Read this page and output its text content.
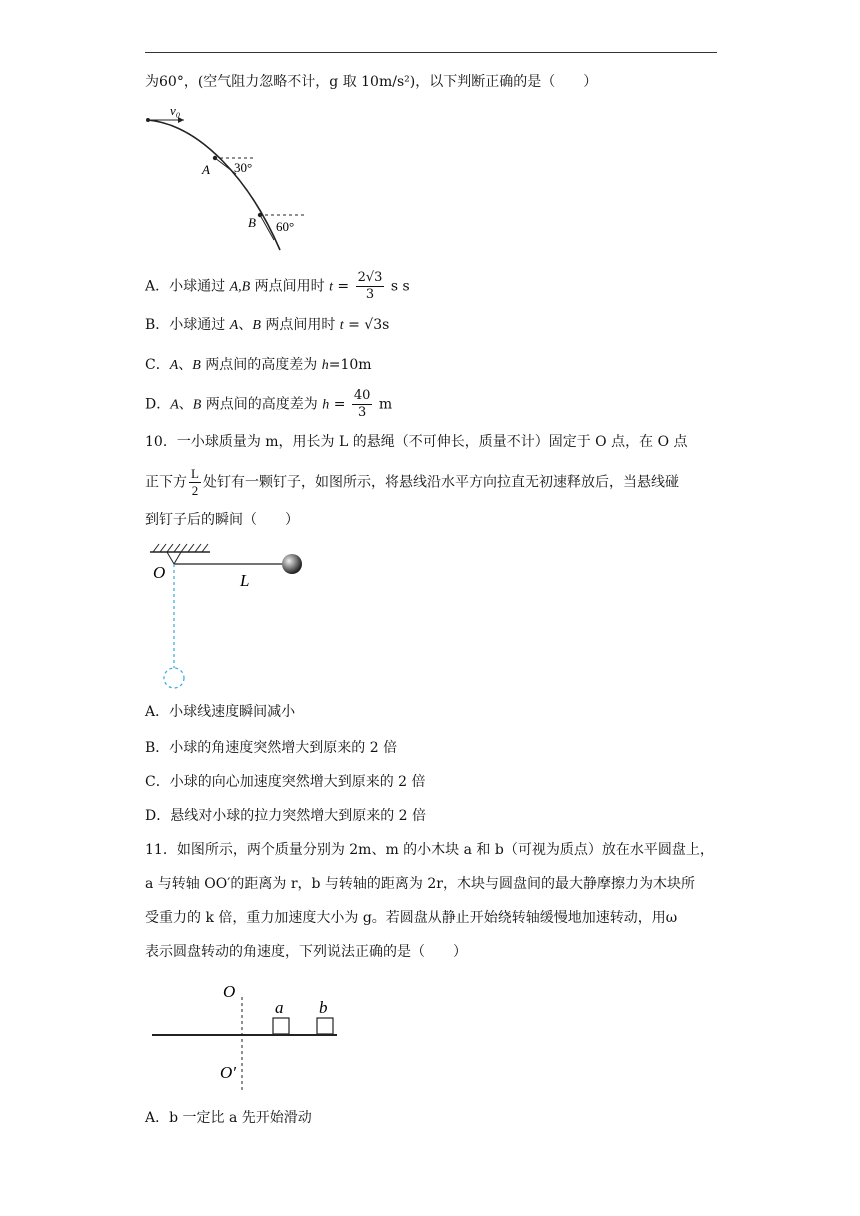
为60°，(空气阻力忽略不计，g 取 10m/s²)，以下判断正确的是（　　）
v₀
A 30°
B 60°
A．小球通过 A,B 两点间用时 $t = \frac{2√3}{3}$ s s
B．小球通过 A、B 两点间用时 t = √3s
C．A、B 两点间的高度差为 h=10m
D．A、B 两点间的高度差为 $h = \frac{40}{3}$ m
10．一小球质量为 m，用长为 L 的悬绳（不可伸长，质量不计）固定于 O 点，在 O 点
正下方 $\frac{L}{2}$ 处钉有一颗钉子，如图所示，将悬线沿水平方向拉直无初速释放后，当悬线碰
到钉子后的瞬间（　　）
O	L
A．小球线速度瞬间减小
B．小球的角速度突然增大到原来的 2 倍
C．小球的向心加速度突然增大到原来的 2 倍
D．悬线对小球的拉力突然增大到原来的 2 倍
11．如图所示，两个质量分别为 2m、m 的小木块 a 和 b（可视为质点）放在水平圆盘上，
a 与转轴 OO′的距离为 r，b 与转轴的距离为 2r，木块与圆盘间的最大静摩擦力为木块所
受重力的 k 倍，重力加速度大小为 g。若圆盘从静止开始绕转轴缓慢地加速转动，用ω
表示圆盘转动的角速度，下列说法正确的是（　　）
O
O′
a b
A．b 一定比 a 先开始滑动
